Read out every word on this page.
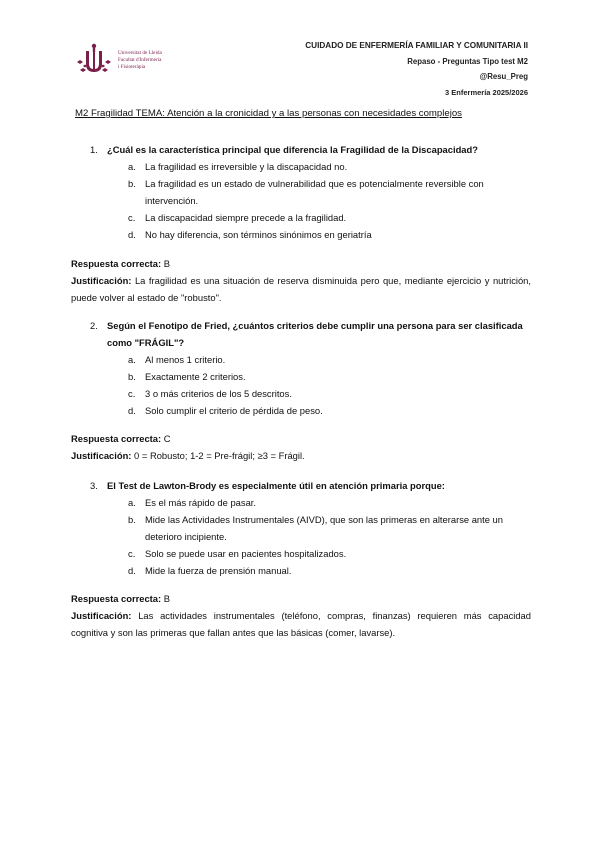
Universitat de Lleida
Facultat d'Infermeria
i Fisioteràpia
CUIDADO DE ENFERMERÍA FAMILIAR Y COMUNITARIA II
Repaso - Preguntas Tipo test M2
@Resu_Preg
3 Enfermería 2025/2026
M2 Fragilidad TEMA: Atención a la cronicidad y a las personas con necesidades complejos
1. ¿Cuál es la característica principal que diferencia la Fragilidad de la Discapacidad?
a. La fragilidad es irreversible y la discapacidad no.
b. La fragilidad es un estado de vulnerabilidad que es potencialmente reversible con intervención.
c. La discapacidad siempre precede a la fragilidad.
d. No hay diferencia, son términos sinónimos en geriatría
Respuesta correcta: B
Justificación: La fragilidad es una situación de reserva disminuida pero que, mediante ejercicio y nutrición, puede volver al estado de "robusto".
2. Según el Fenotipo de Fried, ¿cuántos criterios debe cumplir una persona para ser clasificada como "FRÁGIL"?
a. Al menos 1 criterio.
b. Exactamente 2 criterios.
c. 3 o más criterios de los 5 descritos.
d. Solo cumplir el criterio de pérdida de peso.
Respuesta correcta: C
Justificación: 0 = Robusto; 1-2 = Pre-frágil; ≥3 = Frágil.
3. El Test de Lawton-Brody es especialmente útil en atención primaria porque:
a. Es el más rápido de pasar.
b. Mide las Actividades Instrumentales (AIVD), que son las primeras en alterarse ante un deterioro incipiente.
c. Solo se puede usar en pacientes hospitalizados.
d. Mide la fuerza de prensión manual.
Respuesta correcta: B
Justificación: Las actividades instrumentales (teléfono, compras, finanzas) requieren más capacidad cognitiva y son las primeras que fallan antes que las básicas (comer, lavarse).
